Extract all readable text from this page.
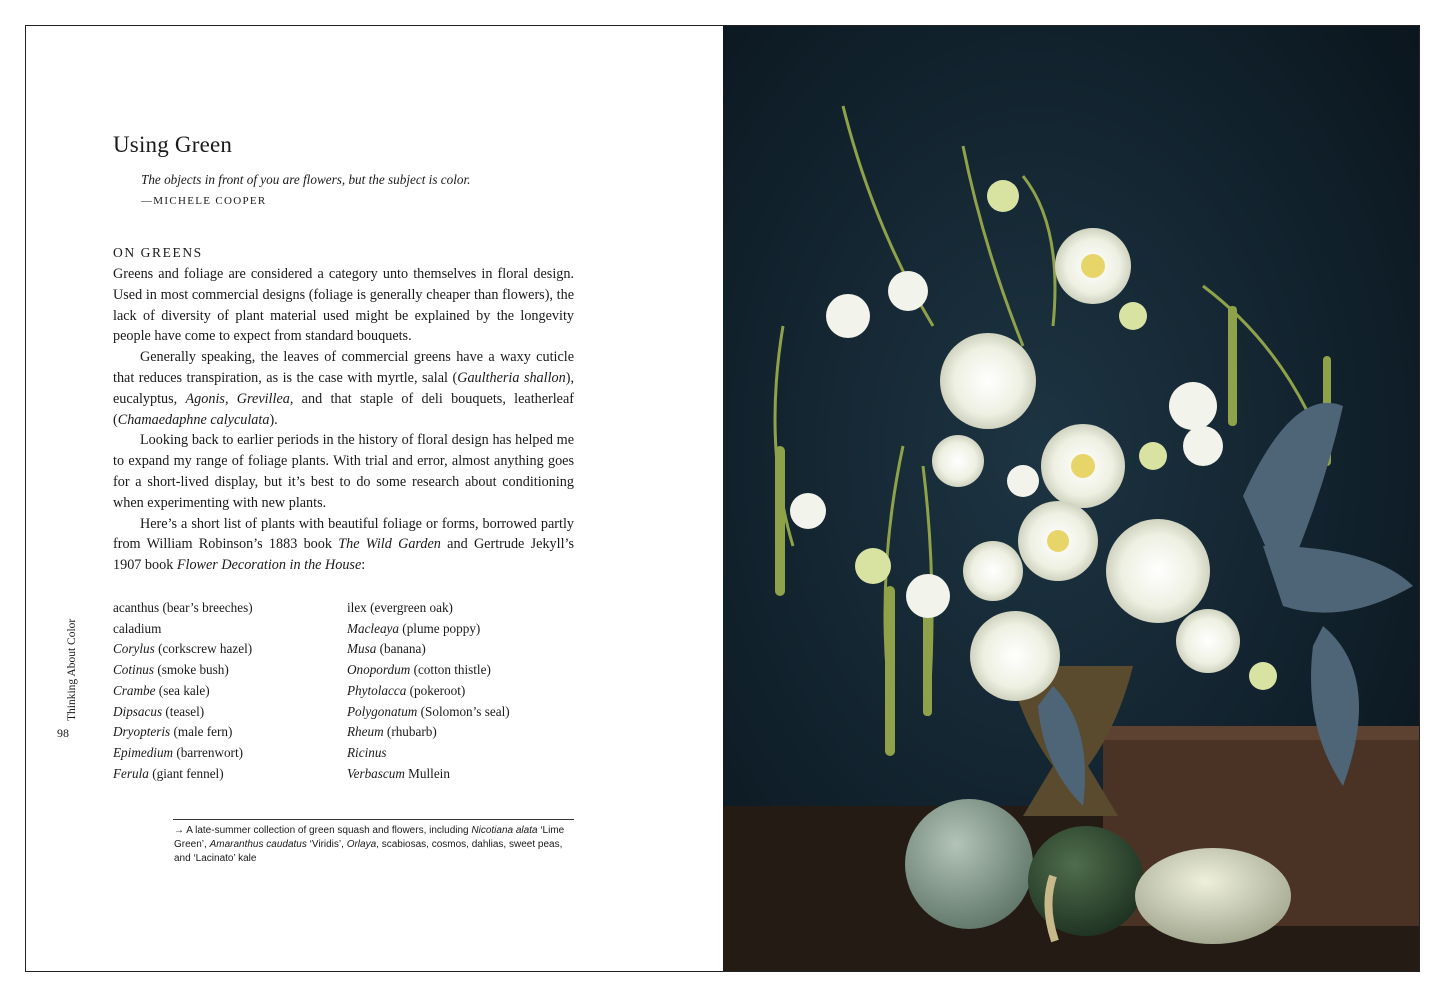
Using Green
The objects in front of you are flowers, but the subject is color.
—MICHELE COOPER
ON GREENS

Greens and foliage are considered a category unto themselves in floral design. Used in most commercial designs (foliage is generally cheaper than flowers), the lack of diversity of plant material used might be explained by the longevity people have come to expect from standard bouquets.

Generally speaking, the leaves of commercial greens have a waxy cuticle that reduces transpiration, as is the case with myrtle, salal (Gaultheria shallon), eucalyptus, Agonis, Grevillea, and that staple of deli bouquets, leatherleaf (Chamaedaphne calyculata).

Looking back to earlier periods in the history of floral design has helped me to expand my range of foliage plants. With trial and error, almost anything goes for a short-lived display, but it’s best to do some research about conditioning when experimenting with new plants.

Here’s a short list of plants with beautiful foliage or forms, borrowed partly from William Robinson’s 1883 book The Wild Garden and Gertrude Jekyll’s 1907 book Flower Decoration in the House:

acanthus (bear’s breeches)
caladium
Corylus (corkscrew hazel)
Cotinus (smoke bush)
Crambe (sea kale)
Dipsacus (teasel)
Dryopteris (male fern)
Epimedium (barrenwort)
Ferula (giant fennel)
ilex (evergreen oak)
Macleaya (plume poppy)
Musa (banana)
Onopordum (cotton thistle)
Phytolacca (pokeroot)
Polygonatum (Solomon’s seal)
Rheum (rhubarb)
Ricinus
Verbascum Mullein
Thinking About Color
98
→ A late-summer collection of green squash and flowers, including Nicotiana alata ‘Lime Green’, Amaranthus caudatus ‘Viridis’, Orlaya, scabiosas, cosmos, dahlias, sweet peas, and ‘Lacinato’ kale
